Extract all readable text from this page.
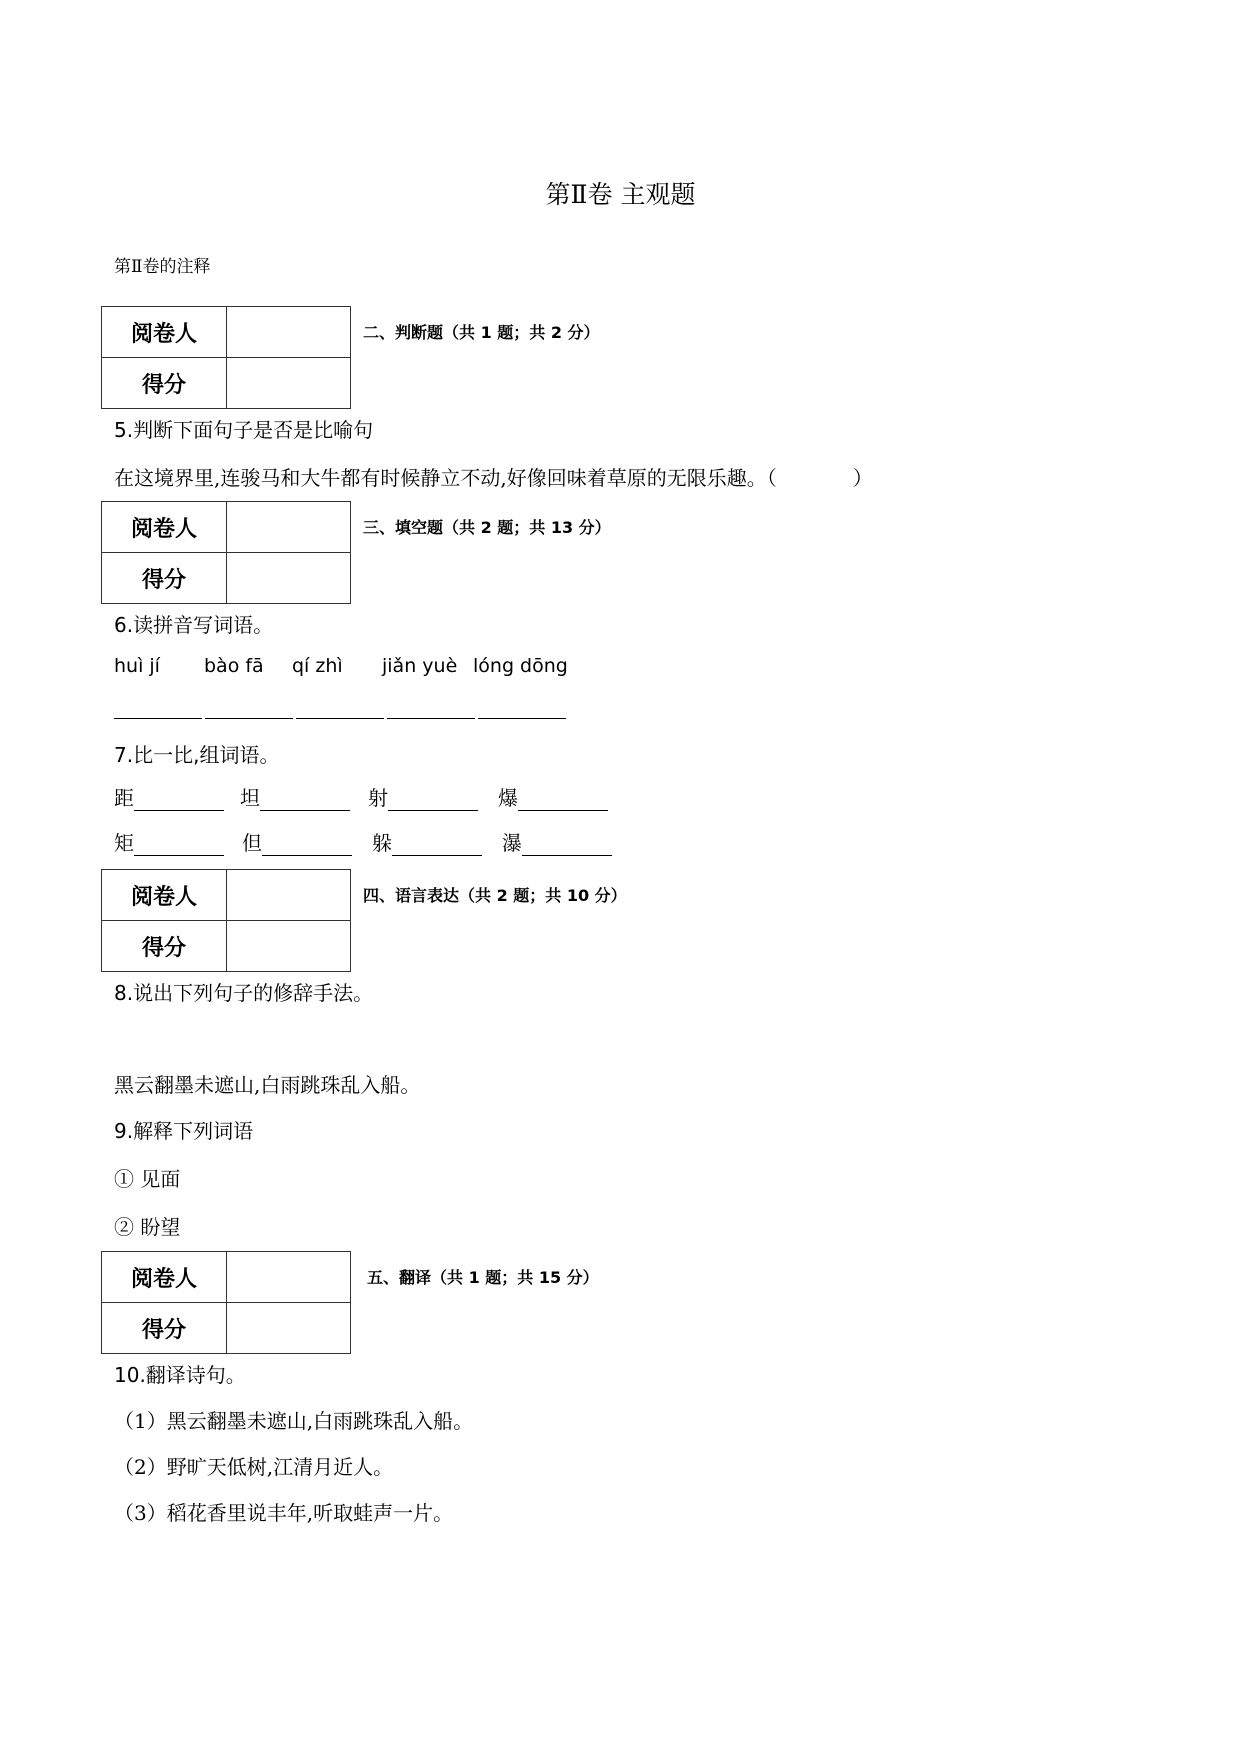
第Ⅱ卷 主观题
第Ⅱ卷的注释
阅卷人	
得分	
二、判断题（共 1 题；共 2 分）
5.判断下面句子是否是比喻句
在这境界里,连骏马和大牛都有时候静立不动,好像回味着草原的无限乐趣。（	）
阅卷人	
得分	
三、填空题（共 2 题；共 13 分）
6.读拼音写词语。
huì jí bào fā qí zhì jiǎn yuè lóng dōng
7.比一比,组词语。
距	坦	射	爆
矩	但	躲	瀑
阅卷人	
得分	
四、语言表达（共 2 题；共 10 分）
8.说出下列句子的修辞手法。
黑云翻墨未遮山,白雨跳珠乱入船。
9.解释下列词语
① 见面
② 盼望
阅卷人	
得分	
五、翻译（共 1 题；共 15 分）
10.翻译诗句。
（1）黑云翻墨未遮山,白雨跳珠乱入船。
（2）野旷天低树,江清月近人。
（3）稻花香里说丰年,听取蛙声一片。
